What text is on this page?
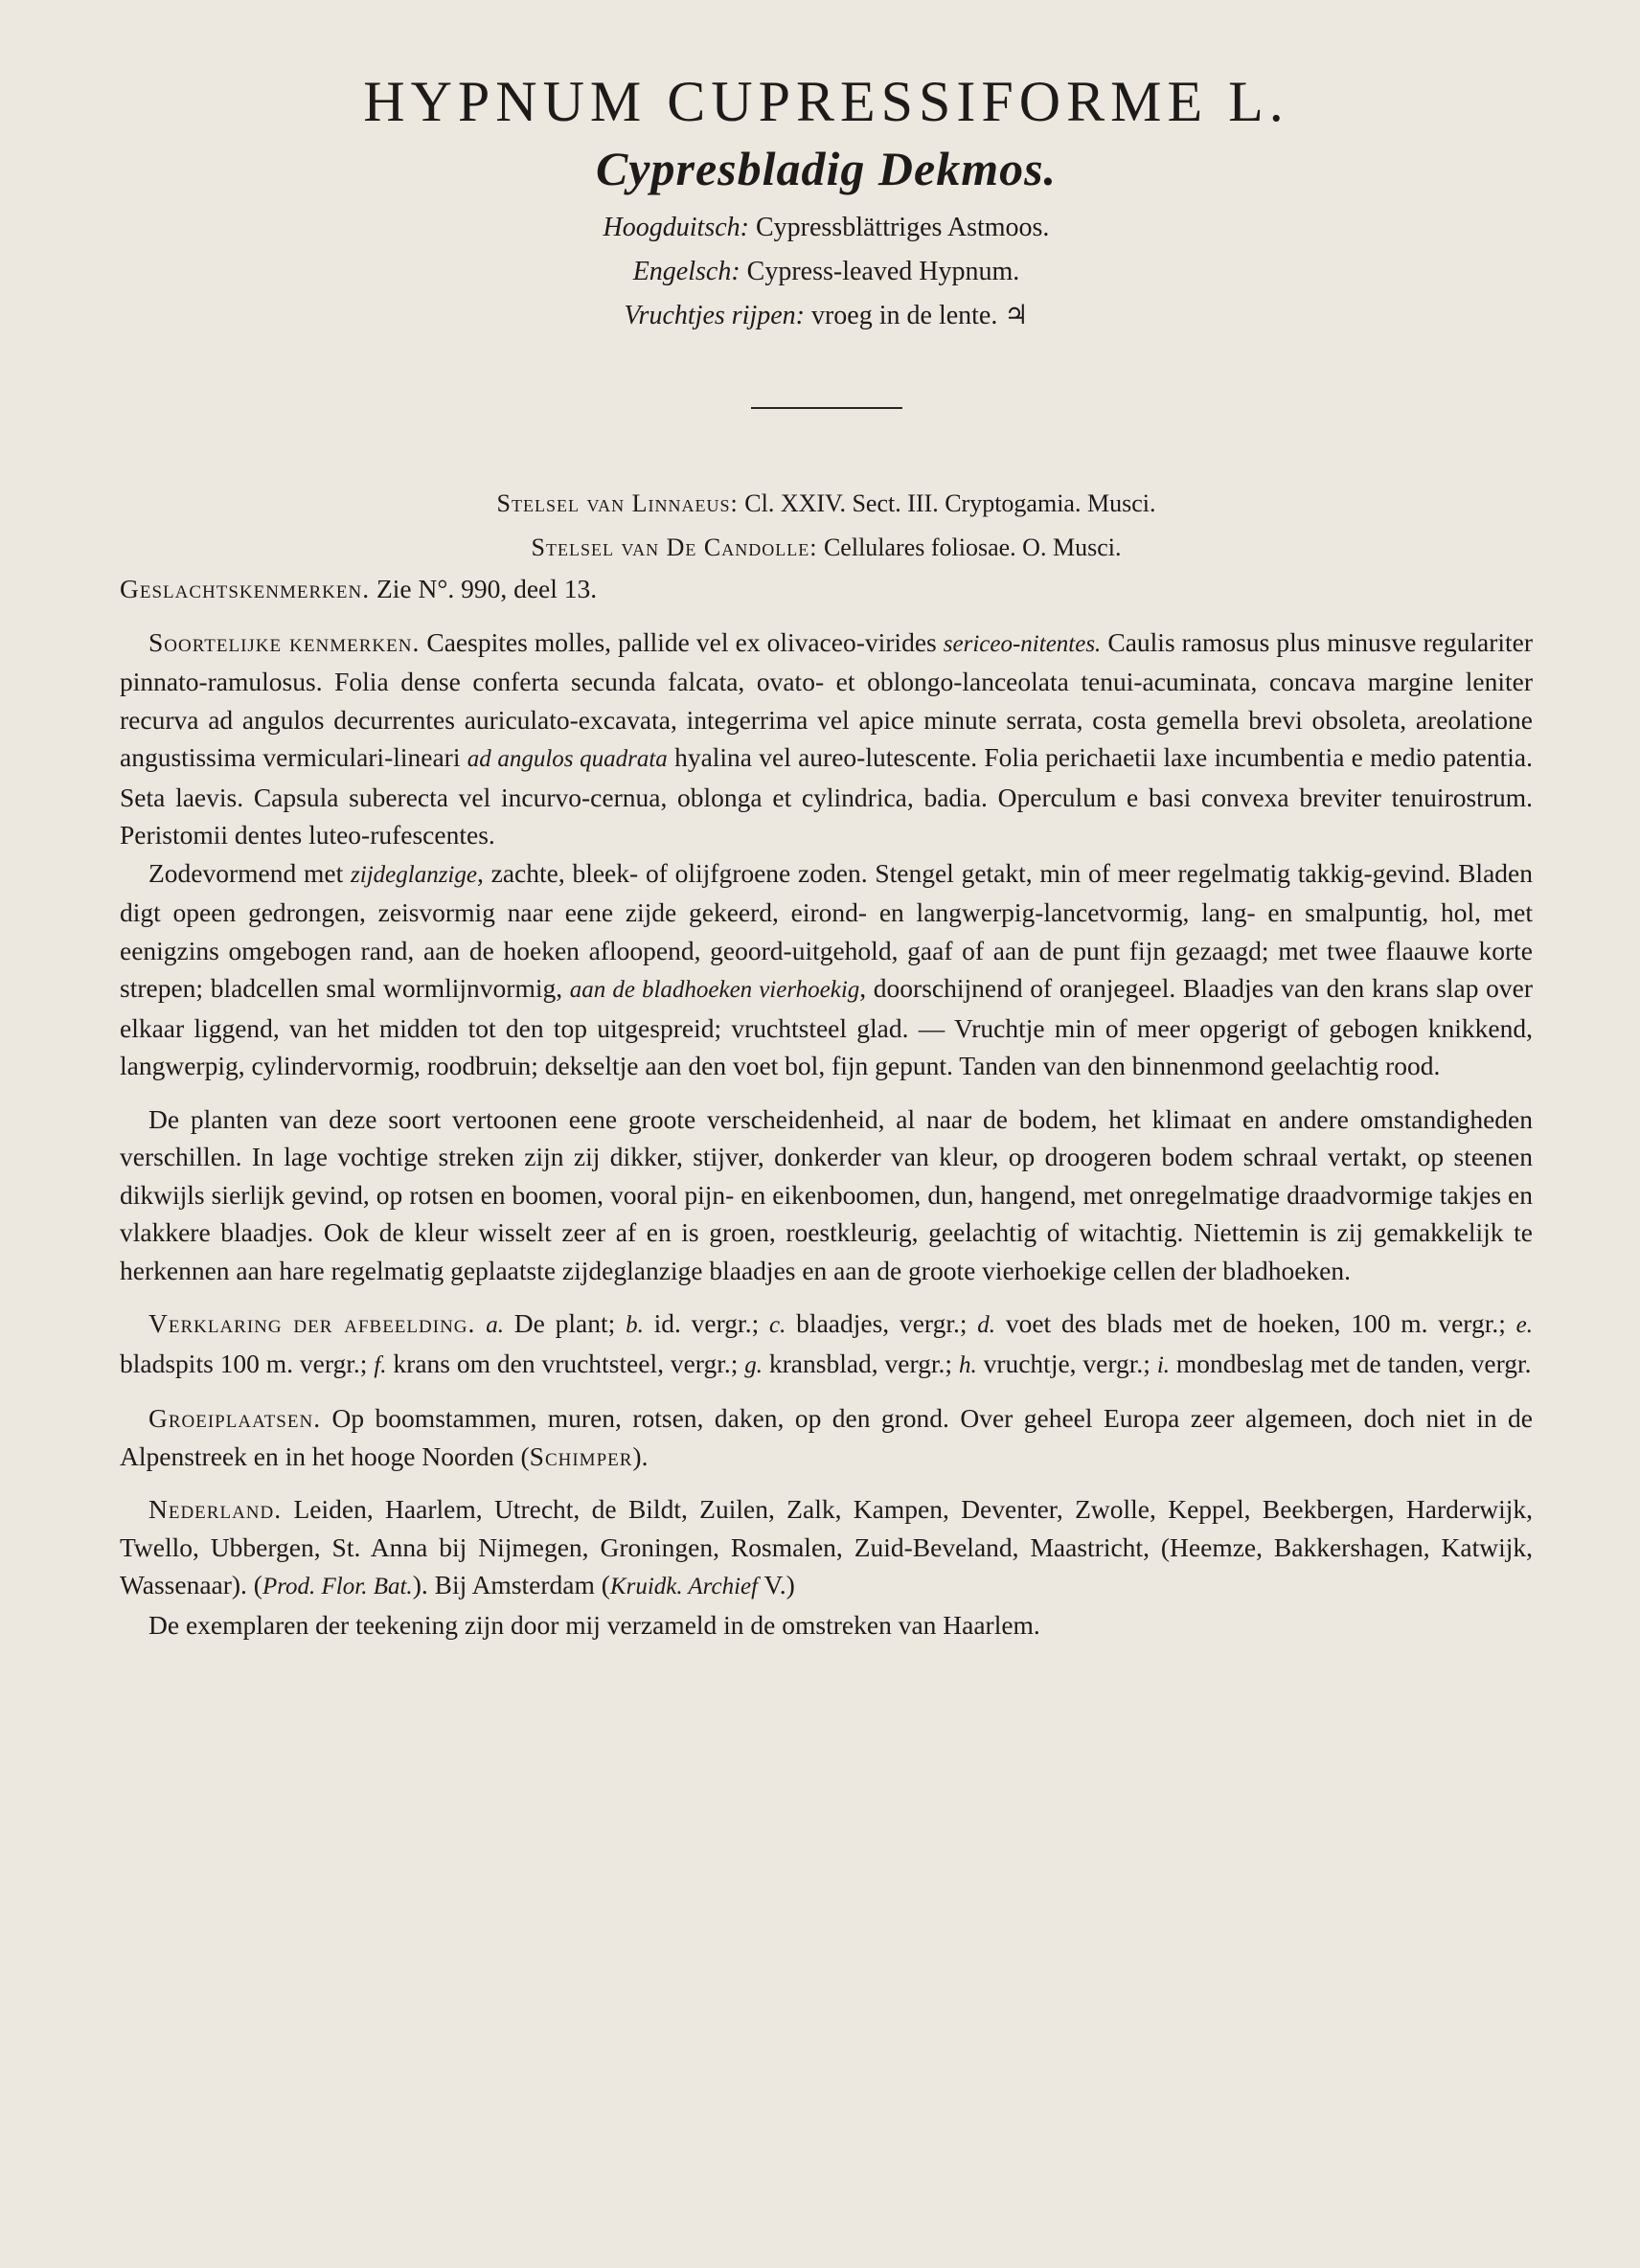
HYPNUM CUPRESSIFORME L.
Cypresbladig Dekmos.
Hoogduitsch: Cypressblättriges Astmoos.
Engelsch: Cypress-leaved Hypnum.
Vruchtjes rijpen: vroeg in de lente. ♃
Stelsel van Linnaeus: Cl. XXIV. Sect. III. Cryptogamia. Musci.
Stelsel van De Candolle: Cellulares foliosae. O. Musci.

Geslachtskenmerken. Zie N°. 990, deel 13.

Soortelijke kenmerken. Caespites molles, pallide vel ex olivaceo-virides sericeo-nitentes. Caulis ramosus plus minusve regulariter pinnato-ramulosus. Folia dense conferta secunda falcata, ovato- et oblongo-lanceolata tenui-acuminata, concava margine leniter recurva ad angulos decurrentes auriculato-excavata, integerrima vel apice minute serrata, costa gemella brevi obsoleta, areolatione angustissima vermiculari-lineari ad angulos quadrata hyalina vel aureo-lutescente. Folia perichaetii laxe incumbentia e medio patentia. Seta laevis. Capsula suberecta vel incurvo-cernua, oblonga et cylindrica, badia. Operculum e basi convexa breviter tenuirostrum. Peristomii dentes luteo-rufescentes.

Zodevormend met zijdeglanzige, zachte, bleek- of olijfgroene zoden. Stengel getakt, min of meer regelmatig takkig-gevind. Bladen digt opeen gedrongen, zeisvormig naar eene zijde gekeerd, eirond- en langwerpig-lancetvormig, lang- en smalpuntig, hol, met eenigzins omgebogen rand, aan de hoeken afloopend, geoord-uitgehold, gaaf of aan de punt fijn gezaagd; met twee flaauwe korte strepen; bladcellen smal wormlijnvormig, aan de bladhoeken vierhoekig, doorschijnend of oranjegeel. Blaadjes van den krans slap over elkaar liggend, van het midden tot den top uitgespreid; vruchtsteel glad. — Vruchtje min of meer opgerigt of gebogen knikkend, langwerpig, cylindervormig, roodbruin; dekseltje aan den voet bol, fijn gepunt. Tanden van den binnenmond geelachtig rood.

De planten van deze soort vertoonen eene groote verscheidenheid, al naar de bodem, het klimaat en andere omstandigheden verschillen. In lage vochtige streken zijn zij dikker, stijver, donkerder van kleur, op droogeren bodem schraal vertakt, op steenen dikwijls sierlijk gevind, op rotsen en boomen, vooral pijn- en eikenboomen, dun, hangend, met onregelmatige draadvormige takjes en vlakkere blaadjes. Ook de kleur wisselt zeer af en is groen, roestkleurig, geelachtig of witachtig. Niettemin is zij gemakkelijk te herkennen aan hare regelmatig geplaatste zijdeglanzige blaadjes en aan de groote vierhoekige cellen der bladhoeken.

Verklaring der afbeelding. a. De plant; b. id. vergr.; c. blaadjes, vergr.; d. voet des blads met de hoeken, 100 m. vergr.; e. bladspits 100 m. vergr.; f. krans om den vruchtsteel, vergr.; g. kransblad, vergr.; h. vruchtje, vergr.; i. mondbeslag met de tanden, vergr.

Groeiplaatsen. Op boomstammen, muren, rotsen, daken, op den grond. Over geheel Europa zeer algemeen, doch niet in de Alpenstreek en in het hooge Noorden (Schimper).

Nederland. Leiden, Haarlem, Utrecht, de Bildt, Zuilen, Zalk, Kampen, Deventer, Zwolle, Keppel, Beekbergen, Harderwijk, Twello, Ubbergen, St. Anna bij Nijmegen, Groningen, Rosmalen, Zuid-Beveland, Maastricht, (Heemze, Bakkershagen, Katwijk, Wassenaar). (Prod. Flor. Bat.). Bij Amsterdam (Kruidk. Archief V.)

De exemplaren der teekening zijn door mij verzameld in de omstreken van Haarlem.
